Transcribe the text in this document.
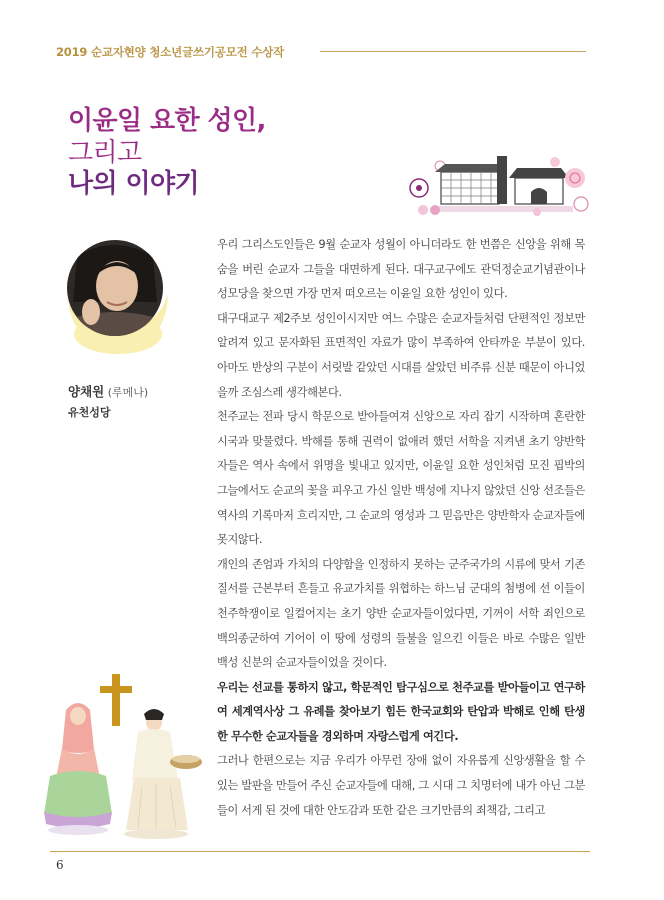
2019 순교자현양 청소년글쓰기공모전 수상작
이윤일 요한 성인,
그리고
나의 이야기
양채원 (루메나)
유천성당

우리 그리스도인들은 9월 순교자 성월이 아니더라도 한 번쯤은 신앙을 위해 목숨을 버린 순교자 그들을 대면하게 된다. 대구교구에도 관덕정순교기념관이나 성모당을 찾으면 가장 먼저 떠오르는 이윤일 요한 성인이 있다.

대구대교구 제2주보 성인이시지만 여느 수많은 순교자들처럼 단편적인 정보만 알려져 있고 문자화된 표면적인 자료가 많이 부족하여 안타까운 부분이 있다. 아마도 반상의 구분이 서릿발 같았던 시대를 살았던 비주류 신분 때문이 아니었을까 조심스레 생각해본다.

천주교는 전파 당시 학문으로 받아들여져 신앙으로 자리 잡기 시작하며 혼란한 시국과 맞물렸다. 박해를 통해 권력이 없애려 했던 서학을 지켜낸 초기 양반학자들은 역사 속에서 위명을 빛내고 있지만, 이윤일 요한 성인처럼 모진 핍박의 그늘에서도 순교의 꽃을 피우고 가신 일반 백성에 지나지 않았던 신앙 선조들은 역사의 기록마저 흐리지만, 그 순교의 영성과 그 믿음만은 양반학자 순교자들에 못지않다.

개인의 존엄과 가치의 다양함을 인정하지 못하는 군주국가의 시류에 맞서 기존 질서를 근본부터 흔들고 유교가치를 위협하는 하느님 군대의 첨병에 선 이들이 천주학쟁이로 일컬어지는 초기 양반 순교자들이었다면, 기꺼이 서학 죄인으로 백의종군하여 기어이 이 땅에 성령의 들불을 일으킨 이들은 바로 수많은 일반 백성 신분의 순교자들이었을 것이다.

우리는 선교를 통하지 않고, 학문적인 탐구심으로 천주교를 받아들이고 연구하여 세계역사상 그 유례를 찾아보기 힘든 한국교회와 탄압과 박해로 인해 탄생한 무수한 순교자들을 경외하며 자랑스럽게 여긴다.

그러나 한편으로는 지금 우리가 아무런 장애 없이 자유롭게 신앙생활을 할 수 있는 발판을 만들어 주신 순교자들에 대해, 그 시대 그 치명터에 내가 아닌 그분들이 서게 된 것에 대한 안도감과 또한 같은 크기만큼의 죄책감, 그리고

6
